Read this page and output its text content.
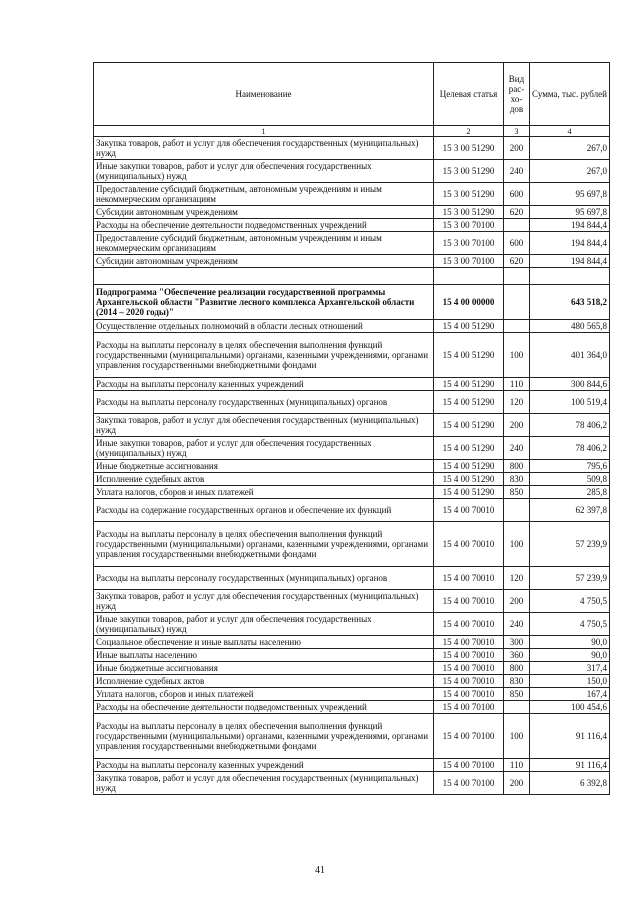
Наименование	Целевая статья	Вид рас-хо-дов	Сумма, тыс. рублей
1	2	3	4
Закупка товаров, работ и услуг для обеспечения государственных (муниципальных) нужд	15 3 00 51290	200	267,0
Иные закупки товаров, работ и услуг для обеспечения государственных (муниципальных) нужд	15 3 00 51290	240	267,0
Предоставление субсидий бюджетным, автономным учреждениям и иным некоммерческим организациям	15 3 00 51290	600	95 697,8
Субсидии автономным учреждениям	15 3 00 51290	620	95 697,8
Расходы на обеспечение деятельности подведомственных учреждений	15 3 00 70100		194 844,4
Предоставление субсидий бюджетным, автономным учреждениям и иным некоммерческим организациям	15 3 00 70100	600	194 844,4
Субсидии автономным учреждениям	15 3 00 70100	620	194 844,4

Подпрограмма "Обеспечение реализации государственной программы Архангельской области "Развитие лесного комплекса Архангельской области (2014 – 2020 годы)"	15 4 00 00000		643 518,2
Осуществление отдельных полномочий в области лесных отношений	15 4 00 51290		480 565,8
Расходы на выплаты персоналу в целях обеспечения выполнения функций государственными (муниципальными) органами, казенными учреждениями, органами управления государственными внебюджетными фондами	15 4 00 51290	100	401 364,0
Расходы на выплаты персоналу казенных учреждений	15 4 00 51290	110	300 844,6
Расходы на выплаты персоналу государственных (муниципальных) органов	15 4 00 51290	120	100 519,4
Закупка товаров, работ и услуг для обеспечения государственных (муниципальных) нужд	15 4 00 51290	200	78 406,2
Иные закупки товаров, работ и услуг для обеспечения государственных (муниципальных) нужд	15 4 00 51290	240	78 406,2
Иные бюджетные ассигнования	15 4 00 51290	800	795,6
Исполнение судебных актов	15 4 00 51290	830	509,8
Уплата налогов, сборов и иных платежей	15 4 00 51290	850	285,8
Расходы на содержание государственных органов и обеспечение их функций	15 4 00 70010		62 397,8
Расходы на выплаты персоналу в целях обеспечения выполнения функций государственными (муниципальными) органами, казенными учреждениями, органами управления государственными внебюджетными фондами	15 4 00 70010	100	57 239,9
Расходы на выплаты персоналу государственных (муниципальных) органов	15 4 00 70010	120	57 239,9
Закупка товаров, работ и услуг для обеспечения государственных (муниципальных) нужд	15 4 00 70010	200	4 750,5
Иные закупки товаров, работ и услуг для обеспечения государственных (муниципальных) нужд	15 4 00 70010	240	4 750,5
Социальное обеспечение и иные выплаты населению	15 4 00 70010	300	90,0
Иные выплаты населению	15 4 00 70010	360	90,0
Иные бюджетные ассигнования	15 4 00 70010	800	317,4
Исполнение судебных актов	15 4 00 70010	830	150,0
Уплата налогов, сборов и иных платежей	15 4 00 70010	850	167,4
Расходы на обеспечение деятельности подведомственных учреждений	15 4 00 70100		100 454,6
Расходы на выплаты персоналу в целях обеспечения выполнения функций государственными (муниципальными) органами, казенными учреждениями, органами управления государственными внебюджетными фондами	15 4 00 70100	100	91 116,4
Расходы на выплаты персоналу казенных учреждений	15 4 00 70100	110	91 116,4
Закупка товаров, работ и услуг для обеспечения государственных (муниципальных) нужд	15 4 00 70100	200	6 392,8
41
